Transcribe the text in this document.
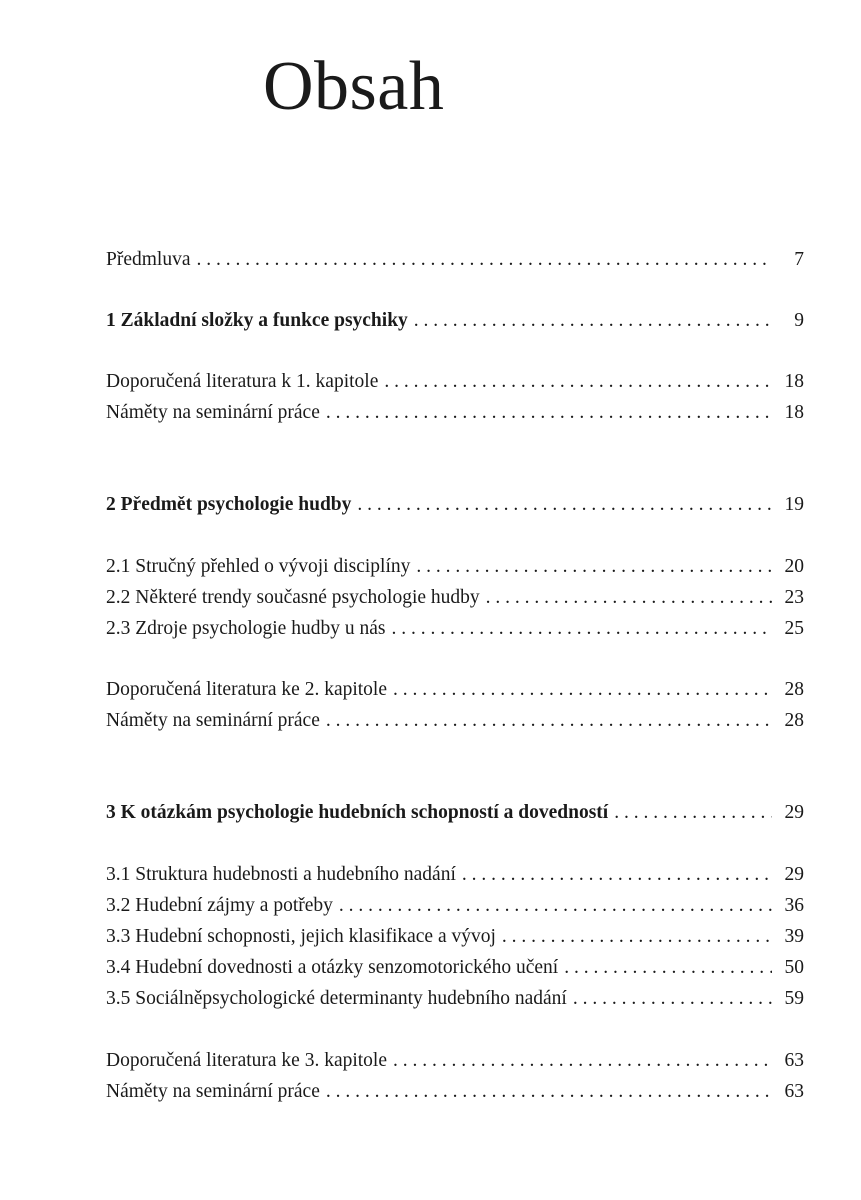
Obsah
Předmluva . . .	7
1 Základní složky a funkce psychiky . . .	9
Doporučená literatura k 1. kapitole . . .	18
Náměty na seminární práce . . .	18
2 Předmět psychologie hudby . . .	19
2.1 Stručný přehled o vývoji disciplíny . . .	20
2.2 Některé trendy současné psychologie hudby . . .	23
2.3 Zdroje psychologie hudby u nás . . .	25
Doporučená literatura ke 2. kapitole . . .	28
Náměty na seminární práce . . .	28
3 K otázkám psychologie hudebních schopností a dovedností . . .	29
3.1 Struktura hudebnosti a hudebního nadání . . .	29
3.2 Hudební zájmy a potřeby . . .	36
3.3 Hudební schopnosti, jejich klasifikace a vývoj . . .	39
3.4 Hudební dovednosti a otázky senzomotorického učení . . .	50
3.5 Sociálněpsychologické determinanty hudebního nadání . . .	59
Doporučená literatura ke 3. kapitole . . .	63
Náměty na seminární práce . . .	63
